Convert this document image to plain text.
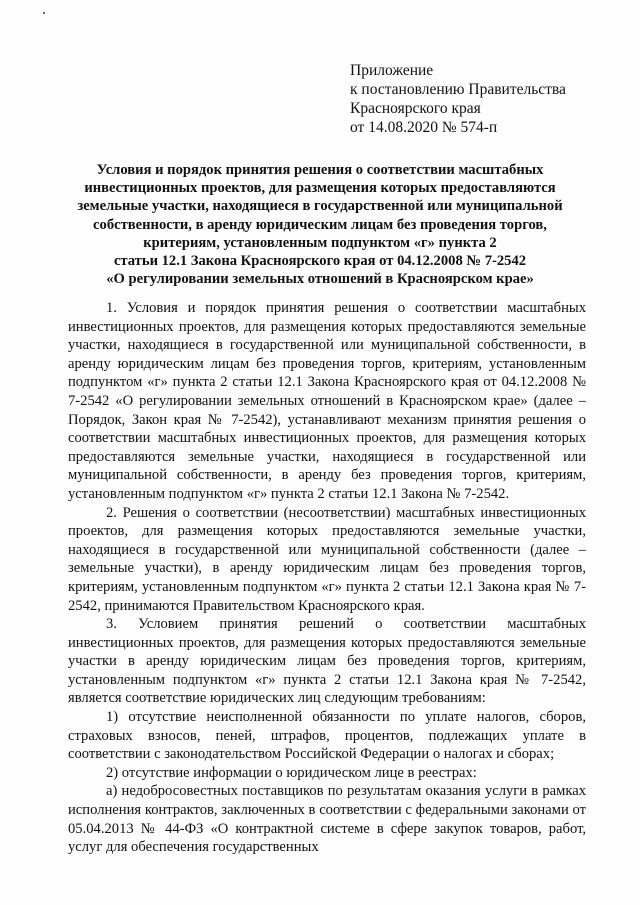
Приложение
к постановлению Правительства
Красноярского края
от 14.08.2020 № 574-п
Условия и порядок принятия решения о соответствии масштабных
инвестиционных проектов, для размещения которых предоставляются
земельные участки, находящиеся в государственной или муниципальной
собственности, в аренду юридическим лицам без проведения торгов,
критериям, установленным подпунктом «г» пункта 2
статьи 12.1 Закона Красноярского края от 04.12.2008 № 7-2542
«О регулировании земельных отношений в Красноярском крае»

1. Условия и порядок принятия решения о соответствии масштабных инвестиционных проектов, для размещения которых предоставляются земельные участки, находящиеся в государственной или муниципальной собственности, в аренду юридическим лицам без проведения торгов, критериям, установленным подпунктом «г» пункта 2 статьи 12.1 Закона Красноярского края от 04.12.2008 № 7-2542 «О регулировании земельных отношений в Красноярском крае» (далее – Порядок, Закон края № 7-2542), устанавливают механизм принятия решения о соответствии масштабных инвестиционных проектов, для размещения которых предоставляются земельные участки, находящиеся в государственной или муниципальной собственности, в аренду без проведения торгов, критериям, установленным подпунктом «г» пункта 2 статьи 12.1 Закона № 7-2542.

2. Решения о соответствии (несоответствии) масштабных инвестиционных проектов, для размещения которых предоставляются земельные участки, находящиеся в государственной или муниципальной собственности (далее – земельные участки), в аренду юридическим лицам без проведения торгов, критериям, установленным подпунктом «г» пункта 2 статьи 12.1 Закона края № 7-2542, принимаются Правительством Красноярского края.

3. Условием принятия решений о соответствии масштабных инвестиционных проектов, для размещения которых предоставляются земельные участки в аренду юридическим лицам без проведения торгов, критериям, установленным подпунктом «г» пункта 2 статьи 12.1 Закона края № 7-2542, является соответствие юридических лиц следующим требованиям:

1) отсутствие неисполненной обязанности по уплате налогов, сборов, страховых взносов, пеней, штрафов, процентов, подлежащих уплате в соответствии с законодательством Российской Федерации о налогах и сборах;

2) отсутствие информации о юридическом лице в реестрах:

а) недобросовестных поставщиков по результатам оказания услуги в рамках исполнения контрактов, заключенных в соответствии с федеральными законами от 05.04.2013 № 44-ФЗ «О контрактной системе в сфере закупок товаров, работ, услуг для обеспечения государственных
